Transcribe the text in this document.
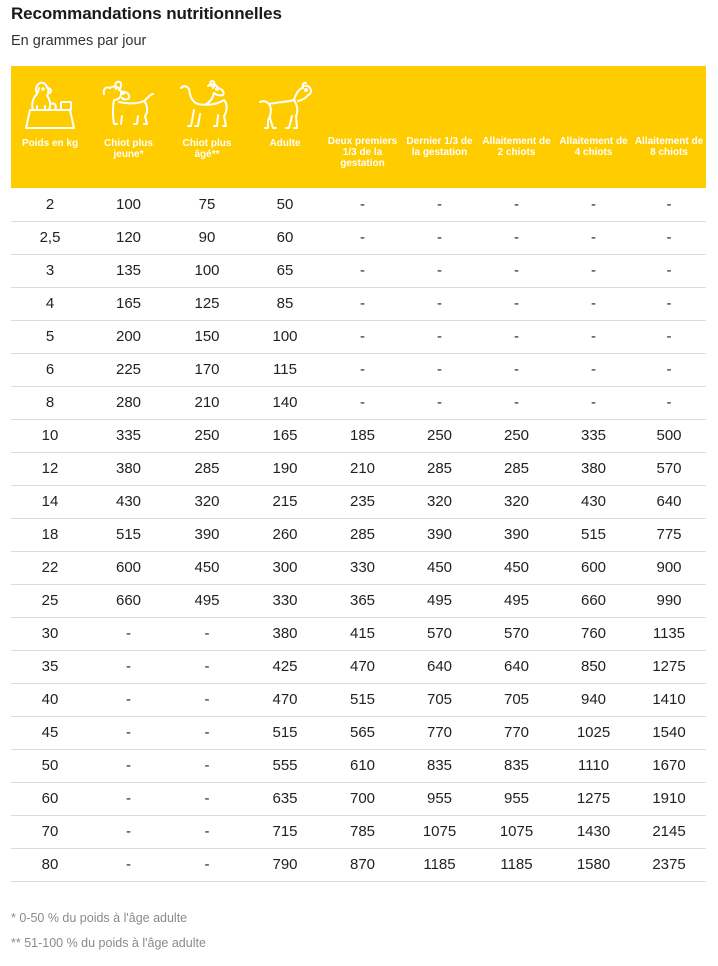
Recommandations nutritionnelles
En grammes par jour
Poids en kg	Chiot plus jeune*	Chiot plus âgé**	Adulte	Deux premiers 1/3 de la gestation	Dernier 1/3 de la gestation	Allaitement de 2 chiots	Allaitement de 4 chiots	Allaitement de 8 chiots

2	100	75	50	-	-	-	-	-
2,5	120	90	60	-	-	-	-	-
3	135	100	65	-	-	-	-	-
4	165	125	85	-	-	-	-	-
5	200	150	100	-	-	-	-	-
6	225	170	115	-	-	-	-	-
8	280	210	140	-	-	-	-	-
10	335	250	165	185	250	250	335	500
12	380	285	190	210	285	285	380	570
14	430	320	215	235	320	320	430	640
18	515	390	260	285	390	390	515	775
22	600	450	300	330	450	450	600	900
25	660	495	330	365	495	495	660	990
30	-	-	380	415	570	570	760	1135
35	-	-	425	470	640	640	850	1275
40	-	-	470	515	705	705	940	1410
45	-	-	515	565	770	770	1025	1540
50	-	-	555	610	835	835	1110	1670
60	-	-	635	700	955	955	1275	1910
70	-	-	715	785	1075	1075	1430	2145
80	-	-	790	870	1185	1185	1580	2375
* 0-50 % du poids à l'âge adulte
** 51-100 % du poids à l'âge adulte
